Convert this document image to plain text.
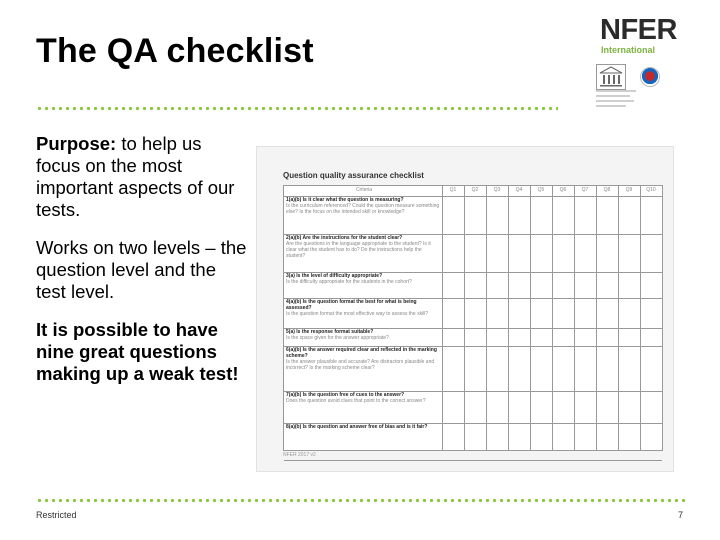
The QA checklist
NFER
International
Purpose: to help us focus on the most important aspects of our tests.
Works on two levels – the question level and the test level.
It is possible to have nine great questions making up a weak test!
Question quality assurance checklist
Criteria	Q1	Q2	Q3	Q4	Q5	Q6	Q7	Q8	Q9	Q10
1(a)(b) Is it clear what the question is measuring?
Is the curriculum referenced? Could the question measure something else? Is the focus on the intended skill or knowledge?
2(a)(b) Are the instructions for the student clear?
Are the questions in the language appropriate to the student? Is it clear what the student has to do? Do the instructions help the student?
3(a) Is the level of difficulty appropriate?
Is the difficulty appropriate for the students in the cohort?
4(a)(b) Is the question format the best for what is being assessed?
Is the question format the most effective way to assess the skill?
5(a) Is the response format suitable?
Is the space given for the answer appropriate?
6(a)(b) Is the answer required clear and reflected in the marking scheme?
Is the answer plausible and accurate? Are distractors plausible and incorrect? Is the marking scheme clear?
7(a)(b) Is the question free of cues to the answer?
Does the question avoid clues that point to the correct answer?
8(a)(b) Is the question and answer free of bias and is it fair?
NFER 2017 v2
Restricted	7
